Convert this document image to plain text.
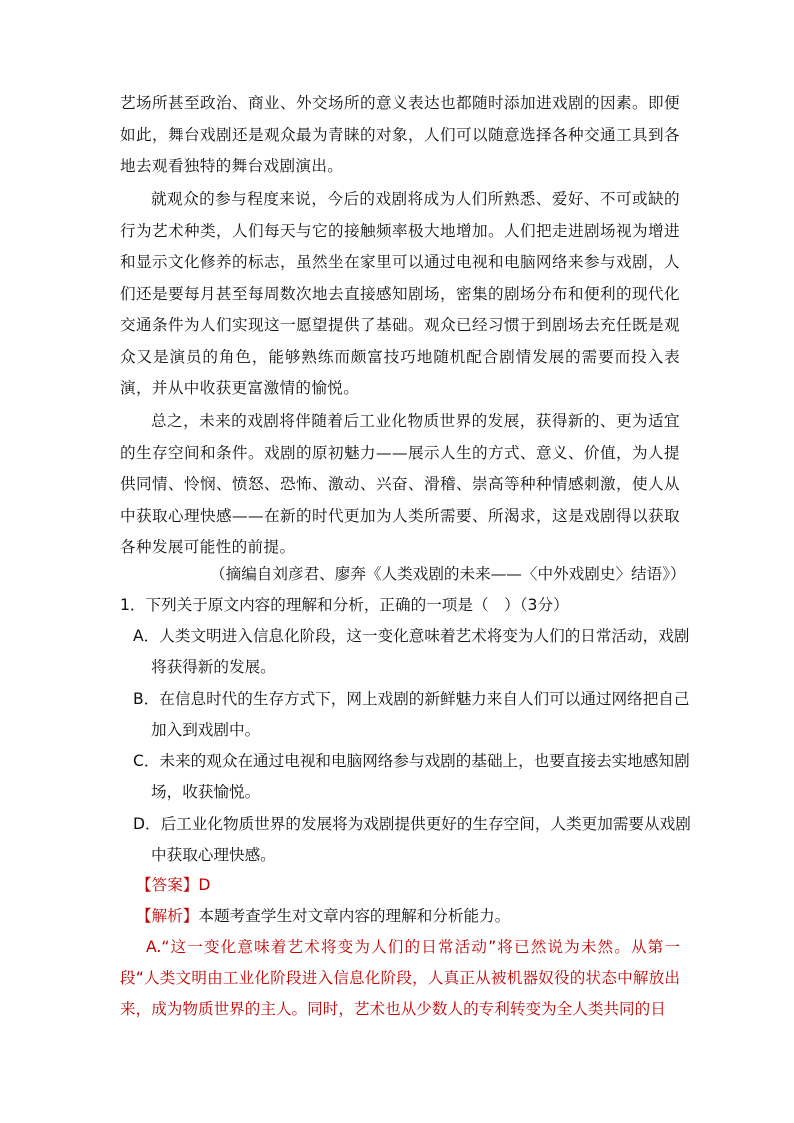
艺场所甚至政治、商业、外交场所的意义表达也都随时添加进戏剧的因素。即便如此，舞台戏剧还是观众最为青睐的对象，人们可以随意选择各种交通工具到各地去观看独特的舞台戏剧演出。

就观众的参与程度来说，今后的戏剧将成为人们所熟悉、爱好、不可或缺的行为艺术种类，人们每天与它的接触频率极大地增加。人们把走进剧场视为增进和显示文化修养的标志，虽然坐在家里可以通过电视和电脑网络来参与戏剧，人们还是要每月甚至每周数次地去直接感知剧场，密集的剧场分布和便利的现代化交通条件为人们实现这一愿望提供了基础。观众已经习惯于到剧场去充任既是观众又是演员的角色，能够熟练而颇富技巧地随机配合剧情发展的需要而投入表演，并从中收获更富激情的愉悦。

总之，未来的戏剧将伴随着后工业化物质世界的发展，获得新的、更为适宜的生存空间和条件。戏剧的原初魅力——展示人生的方式、意义、价值，为人提供同情、怜悯、愤怒、恐怖、激动、兴奋、滑稽、崇高等种种情感刺激，使人从中获取心理快感——在新的时代更加为人类所需要、所渴求，这是戏剧得以获取各种发展可能性的前提。

（摘编自刘彦君、廖奔《人类戏剧的未来——〈中外戏剧史〉结语》）
1．下列关于原文内容的理解和分析，正确的一项是（　）（3分）
A．人类文明进入信息化阶段，这一变化意味着艺术将变为人们的日常活动，戏剧将获得新的发展。
B．在信息时代的生存方式下，网上戏剧的新鲜魅力来自人们可以通过网络把自己加入到戏剧中。
C．未来的观众在通过电视和电脑网络参与戏剧的基础上，也要直接去实地感知剧场，收获愉悦。
D．后工业化物质世界的发展将为戏剧提供更好的生存空间，人类更加需要从戏剧中获取心理快感。
【答案】D
【解析】本题考查学生对文章内容的理解和分析能力。
A.“这一变化意味着艺术将变为人们的日常活动”将已然说为未然。从第一段“人类文明由工业化阶段进入信息化阶段，人真正从被机器奴役的状态中解放出来，成为物质世界的主人。同时，艺术也从少数人的专利转变为全人类共同的日
